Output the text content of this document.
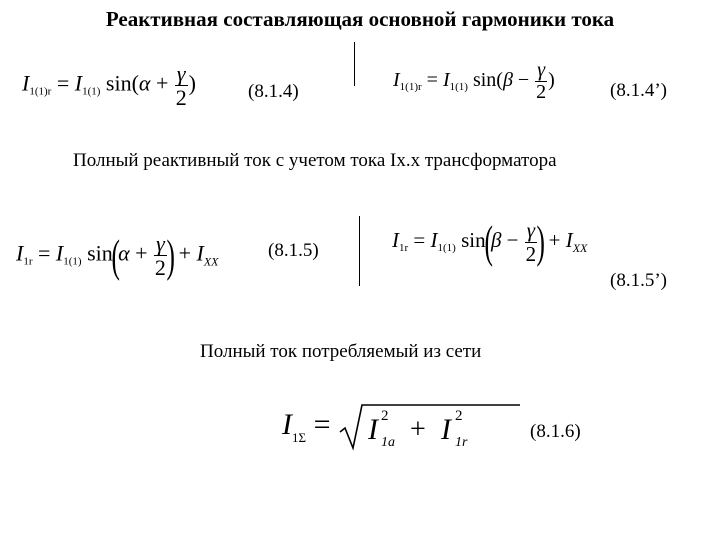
Реактивная составляющая основной гармоники тока
$I_{1(1)r} = I_{1(1)}$ $\sin(\alpha + \frac{\gamma}{2}$ )	(8.1.4)
$I_{1(1)r} = I_{1(1)}$ $\sin(\beta - \frac{\gamma}{2}$ )	(8.1.4’)
Полный реактивный ток с учетом тока Iх.х трансформатора
$I_{1r} = I_{1(1)}$ $\sin(\alpha + \frac{\gamma}{2}$ ) + $I_{XX}$
(8.1.5)	$I_{1r} = I_{1(1)}$ $\sin(\beta - \frac{\gamma}{2}$ ) + $I_{XX}$
(8.1.5’)
Полный ток потребляемый из сети
$I_{1\Sigma} = I$ 2
1a + I 2
1r
(8.1.6)
